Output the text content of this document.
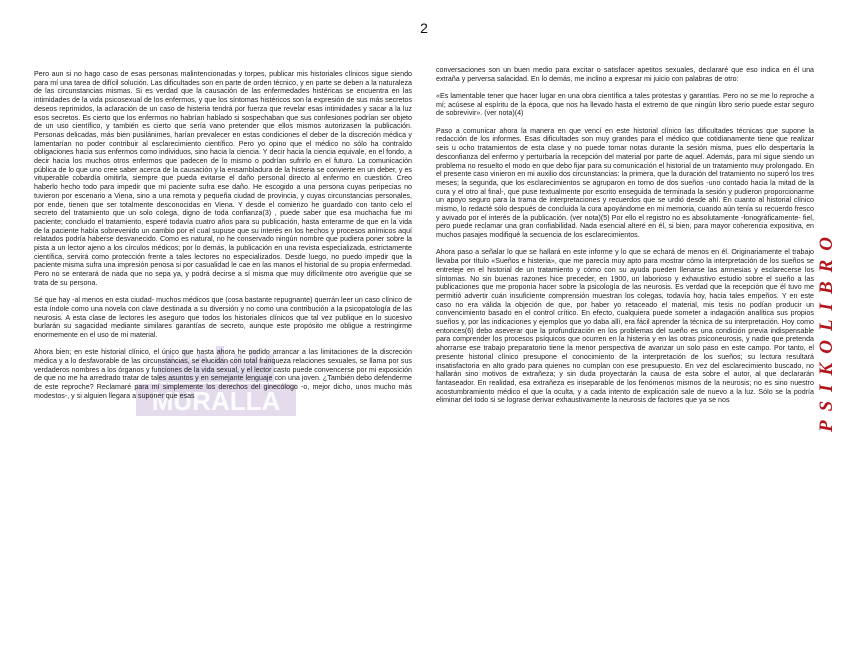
2
MURALLA

Pero aun si no hago caso de esas personas malintencionadas y torpes, publicar mis historiales clínicos sigue siendo para mí una tarea de difícil solución. Las dificultades son en parte de orden técnico, y en parte se deben a la naturaleza de las circunstancias mismas. Si es verdad que la causación de las enfermedades histéricas se encuentra en las intimidades de la vida psicosexual de los enfermos, y que los síntomas histéricos son la expresión de sus más secretos deseos reprimidos, la aclaración de un caso de histeria tendrá por fuerza que revelar esas intimidades y sacar a la luz esos secretos. Es cierto que los enfermos no habrían hablado si sospechaban que sus confesiones podrían ser objeto de un uso científico, y también es cierto que sería vano pretender que ellos mismos autorizasen la publicación. Personas delicadas, más bien pusilánimes, harían prevalecer en estas condiciones el deber de la discreción médica y lamentarían no poder contribuir al esclarecimiento científico. Pero yo opino que el médico no sólo ha contraído obligaciones hacia sus enfermos como individuos, sino hacia la ciencia. Y decir hacia la ciencia equivale, en el fondo, a decir hacia los muchos otros enfermos que padecen de lo mismo o podrían sufrirlo en el futuro. La comunicación pública de lo que uno cree saber acerca de la causación y la ensambladura de la histeria se convierte en un deber, y es vituperable cobardía omitirla, siempre que pueda evitarse el daño personal directo al enfermo en cuestión. Creo haberlo hecho todo para impedir que mi paciente sufra ese daño. He escogido a una persona cuyas peripecias no tuvieron por escenario a Viena, sino a una remota y pequeña ciudad de provincia, y cuyas circunstancias personales, por ende, tienen que ser totalmente desconocidas en Viena. Y desde el comienzo he guardado con tanto celo el secreto del tratamiento que un solo colega, digno de toda confianza(3) , puede saber que esa muchacha fue mi paciente; concluido el tratamiento, esperé todavía cuatro años para su publicación, hasta enterarme de que en la vida de la paciente había sobrevenido un cambio por el cual supuse que su interés en los hechos y procesos anímicos aquí relatados podría haberse desvanecido. Como es natural, no he conservado ningún nombre que pudiera poner sobre la pista a un lector ajeno a los círculos médicos; por lo demás, la publicación en una revista especializada, estrictamente científica, servirá como protección frente a tales lectores no especializados. Desde luego, no puedo impedir que la paciente misma sufra una impresión penosa si por casualidad le cae en las manos el historial de su propia enfermedad. Pero no se enterará de nada que no sepa ya, y podrá decirse a sí misma que muy difícilmente otro averigüe que se trata de su persona.

Sé que hay -al menos en esta ciudad- muchos médicos que (cosa bastante repugnante) querrán leer un caso clínico de esta índole como una novela con clave destinada a su diversión y no como una contribución a la psicopatología de las neurosis. A esta clase de lectores les aseguro que todos los historiales clínicos que tal vez publique en lo sucesivo burlarán su sagacidad mediante similares garantías de secreto, aunque este propósito me obligue a restringirme enormemente en el uso de mi material.

Ahora bien; en este historial clínico, el único que hasta ahora he podido arrancar a las limitaciones de la discreción médica y a lo desfavorable de las circunstancias, se elucidan con total franqueza relaciones sexuales, se llama por sus verdaderos nombres a los órganos y funciones de la vida sexual, y el lector casto puede convencerse por mi exposición de que no me ha arredrado tratar de tales asuntos y en semejante lenguaje con una joven. ¿También debo defenderme de este reproche? Reclamaré para mí simplemente los derechos del ginecólogo -o, mejor dicho, unos mucho más modestos-, y si alguien llegara a suponer que esas

conversaciones son un buen medio para excitar o satisfacer apetitos sexuales, declararé que eso indica en él una extraña y perversa salacidad. En lo demás, me inclino a expresar mi juicio con palabras de otro:

«Es lamentable tener que hacer lugar en una obra científica a tales protestas y garantías. Pero no se me lo reproche a mí; acúsese al espíritu de la época, que nos ha llevado hasta el extremo de que ningún libro serio puede estar seguro de sobrevivir». (ver nota)(4)

Paso a comunicar ahora la manera en que vencí en este historial clínico las dificultades técnicas que supone la redacción de los informes. Esas dificultades son muy grandes para el médico que cotidianamente tiene que realizar seis u ocho tratamientos de esta clase y no puede tomar notas durante la sesión misma, pues ello despertaría la desconfianza del enfermo y perturbaría la recepción del material por parte de aquel. Además, para mí sigue siendo un problema no resuelto el modo en que debo fijar para su comunicación el historial de un tratamiento muy prolongado. En el presente caso vinieron en mi auxilio dos circunstancias: la primera, que la duración del tratamiento no superó los tres meses; la segunda, que los esclarecimientos se agruparon en torno de dos sueños -uno contado hacia la mitad de la cura y el otro al final-, que puse textualmente por escrito enseguida de terminada la sesión y pudieron proporcionarme un apoyo seguro para la trama de interpretaciones y recuerdos que se urdió desde ahí. En cuanto al historial clínico mismo, lo redacté sólo después de concluida la cura apoyándome en mi memoria, cuando aún tenía su recuerdo fresco y avivado por el interés de la publicación. (ver nota)(5) Por ello el registro no es absolutamente -fonográficamente- fiel, pero puede reclamar una gran confiabilidad. Nada esencial alteré en él, si bien, para mayor coherencia expositiva, en muchos pasajes modifiqué la secuencia de los esclarecimientos.

Ahora paso a señalar lo que se hallará en este informe y lo que se echará de menos en él. Originariamente el trabajo llevaba por título «Sueños e histeria», que me parecía muy apto para mostrar cómo la interpretación de los sueños se entreteje en el historial de un tratamiento y cómo con su ayuda pueden llenarse las amnesias y esclarecerse los síntomas. No sin buenas razones hice preceder, en 1900, un laborioso y exhaustivo estudio sobre el sueño a las publicaciones que me proponía hacer sobre la psicología de las neurosis. Es verdad que la recepción que él tuvo me permitió advertir cuán insuficiente comprensión muestran los colegas, todavía hoy, hacia tales empeños. Y en este caso no era válida la objeción de que, por haber yo retaceado el material, mis tesis no podían producir un convencimiento basado en el control crítico. En efecto, cualquiera puede someter a indagación analítica sus propios sueños y, por las indicaciones y ejemplos que yo daba allí, era fácil aprender la técnica de su interpretación. Hoy como entonces(6) debo aseverar que la profundización en los problemas del sueño es una condición previa indispensable para comprender los procesos psíquicos que ocurren en la histeria y en las otras psiconeurosis, y nadie que pretenda ahorrarse ese trabajo preparatorio tiene la menor perspectiva de avanzar un solo paso en este campo. Por tanto, el presente historial clínico presupone el conocimiento de la interpretación de los sueños; su lectura resultará insatisfactoria en alto grado para quienes no cumplan con ese presupuesto. En vez del esclarecimiento buscado, no hallarán sino motivos de extrañeza; y sin duda proyectarán la causa de esta sobre el autor, al que declararán fantaseador. En realidad, esa extrañeza es inseparable de los fenómenos mismos de la neurosis; no es sino nuestro acostumbramiento médico el que la oculta, y a cada intento de explicación sale de nuevo a la luz. Sólo se la podría eliminar del todo si se lograse derivar exhaustivamente la neurosis de factores que ya se nos	PSIKOLIBRO
